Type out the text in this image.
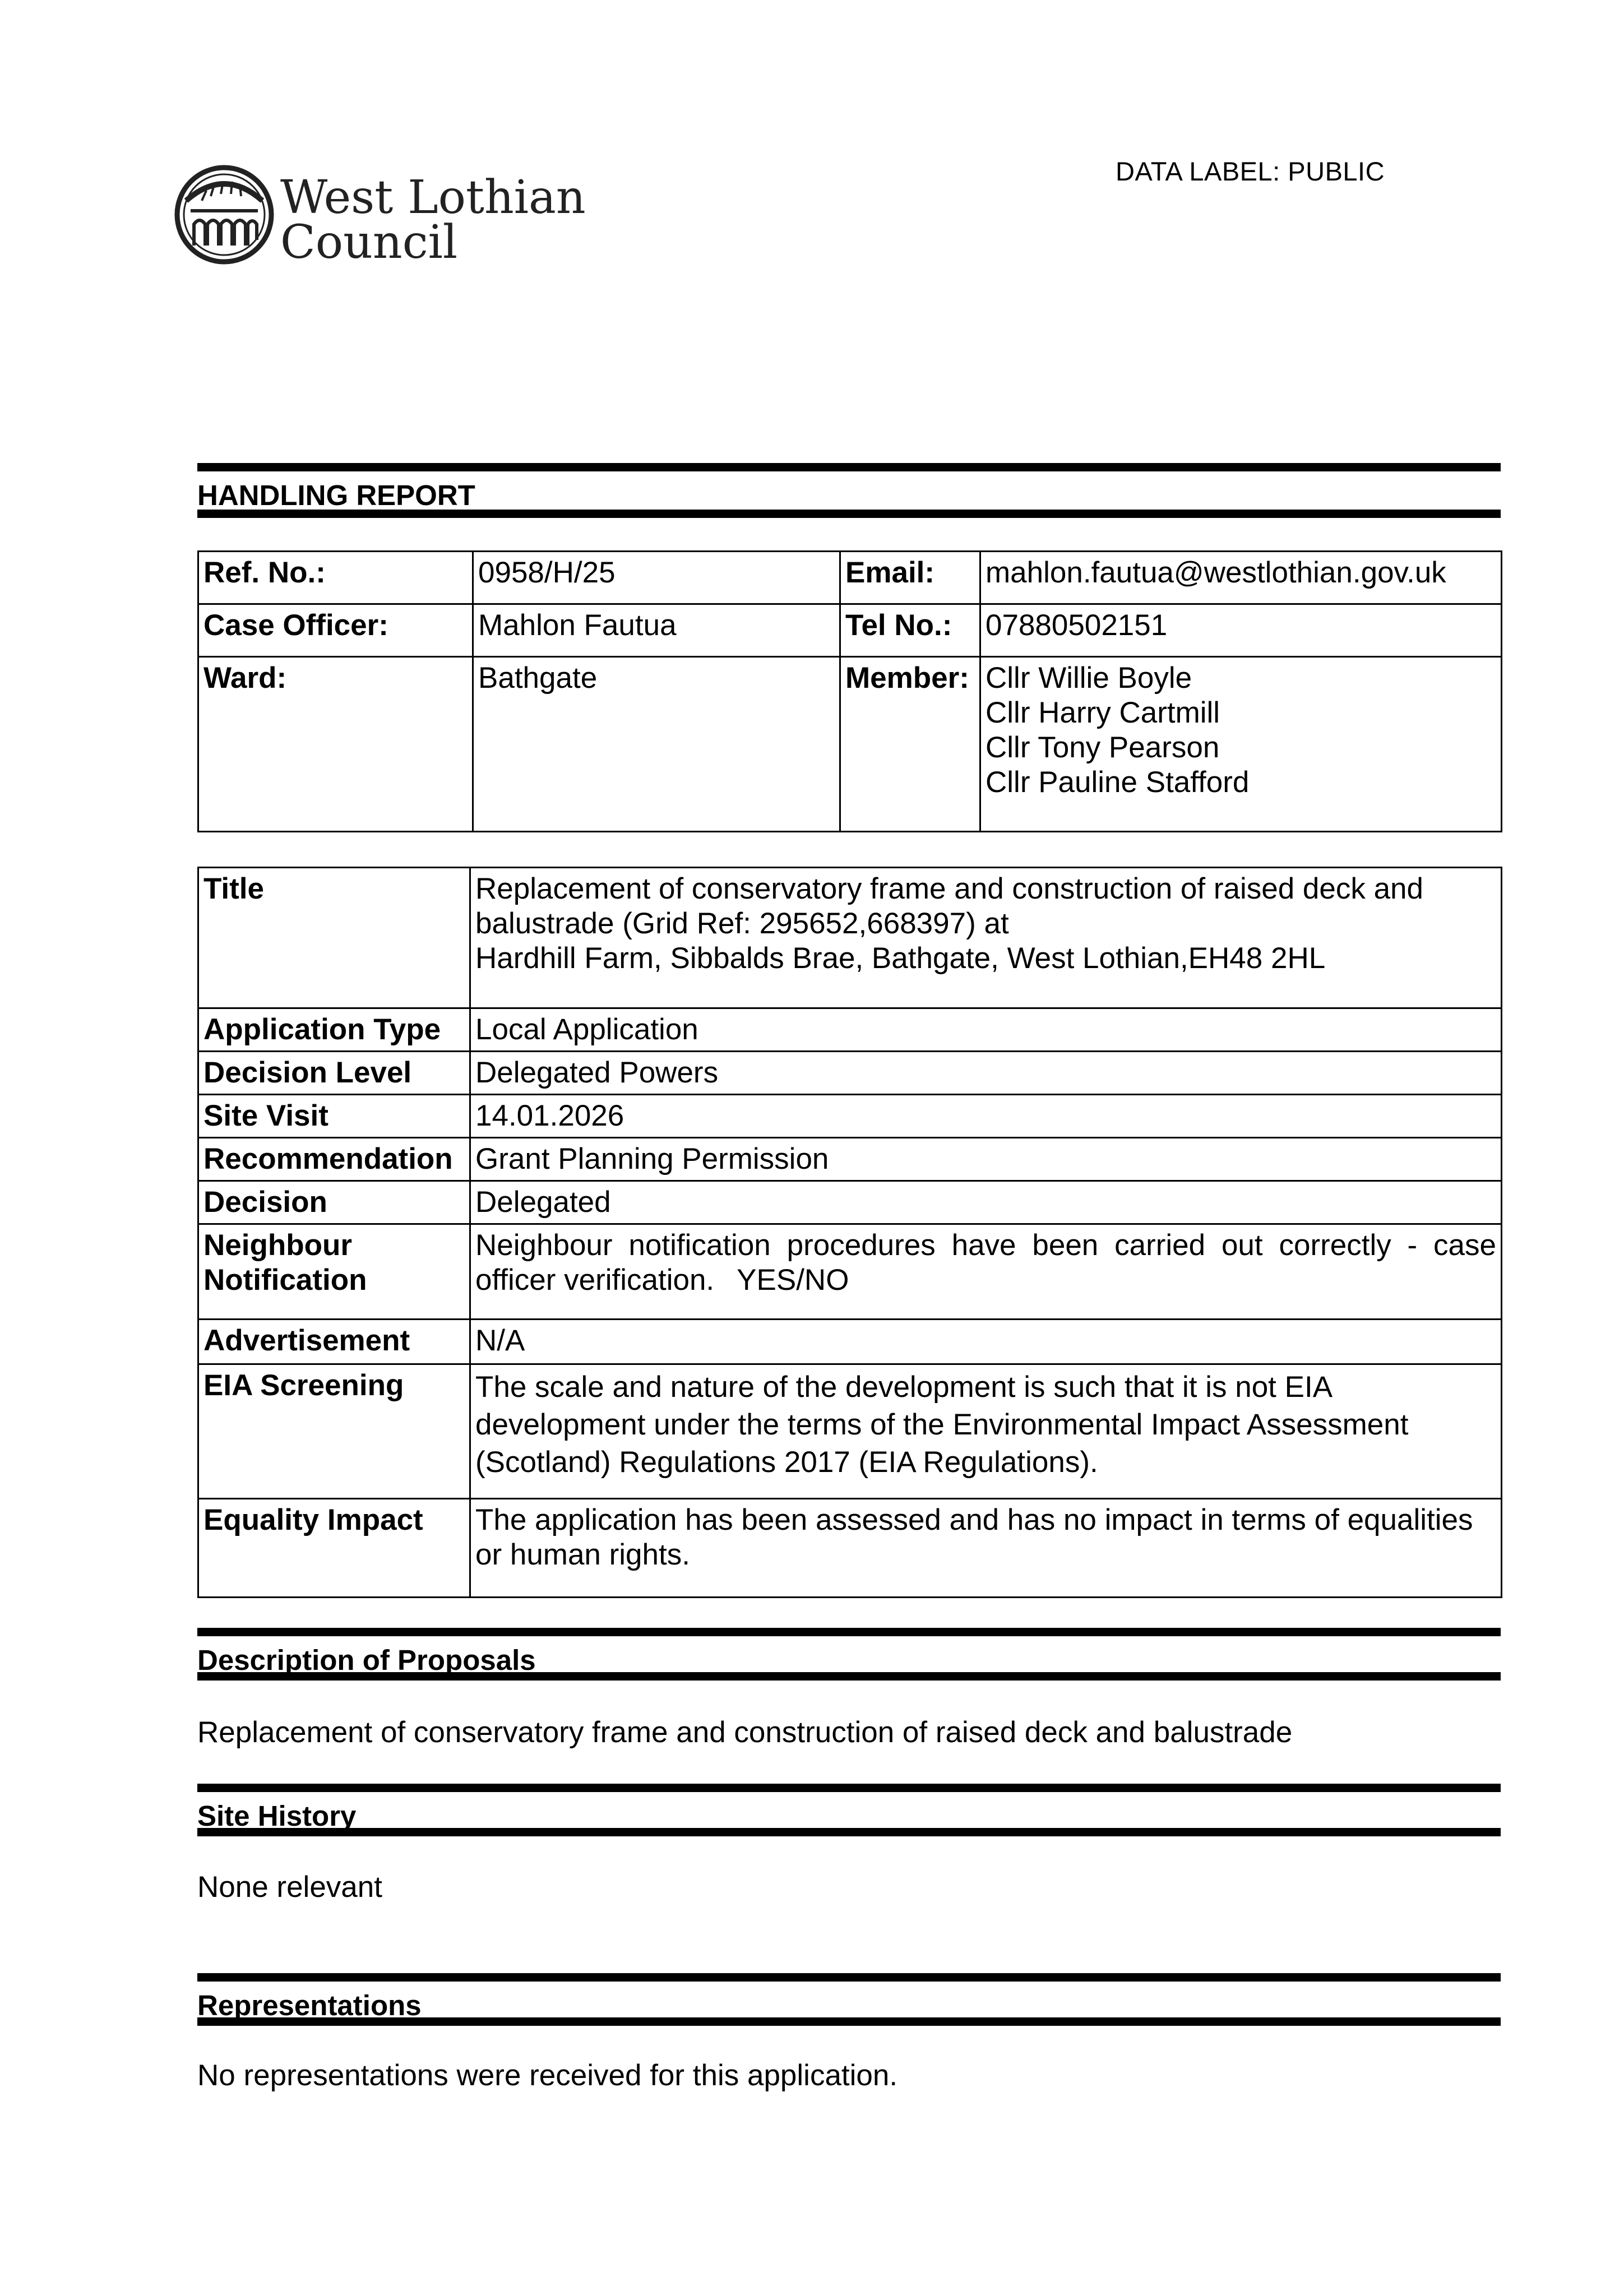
West Lothian
Council
DATA LABEL: PUBLIC
HANDLING REPORT
Ref. No.:	0958/H/25	Email:	mahlon.fautua@westlothian.gov.uk
Case Officer:	Mahlon Fautua	Tel No.:	07880502151
Ward:	Bathgate	Member:	Cllr Willie Boyle
Cllr Harry Cartmill
Cllr Tony Pearson
Cllr Pauline Stafford
Title	Replacement of conservatory frame and construction of raised deck and
balustrade (Grid Ref: 295652,668397) at
Hardhill Farm, Sibbalds Brae, Bathgate, West Lothian,EH48 2HL

Application Type	Local Application
Decision Level	Delegated Powers
Site Visit	14.01.2026
Recommendation	Grant Planning Permission
Decision	Delegated

Neighbour
Notification	Neighbour notification procedures have been carried out correctly - case officer verification. YES/NO
Advertisement	N/A
EIA Screening	The scale and nature of the development is such that it is not EIA
development under the terms of the Environmental Impact Assessment
(Scotland) Regulations 2017 (EIA Regulations).

Equality Impact	The application has been assessed and has no impact in terms of equalities
or human rights.
Description of Proposals
Replacement of conservatory frame and construction of raised deck and balustrade
Site History
None relevant
Representations
No representations were received for this application.
